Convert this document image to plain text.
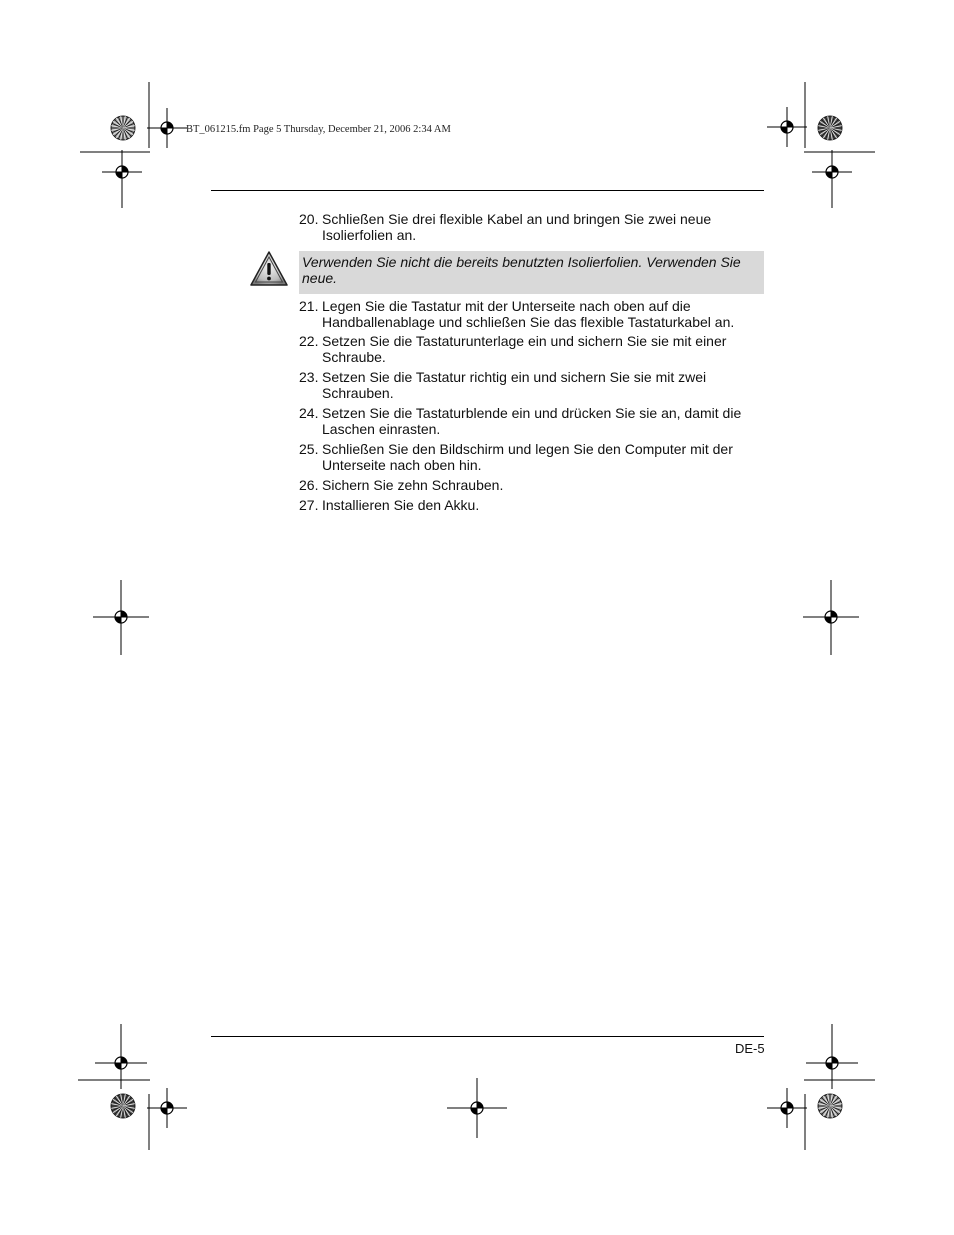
BT_061215.fm Page 5 Thursday, December 21, 2006 2:34 AM
20. Schließen Sie drei flexible Kabel an und bringen Sie zwei neue Isolierfolien an.
Verwenden Sie nicht die bereits benutzten Isolierfolien. Verwenden Sie neue.
21. Legen Sie die Tastatur mit der Unterseite nach oben auf die Handballenablage und schließen Sie das flexible Tastaturkabel an.
22. Setzen Sie die Tastaturunterlage ein und sichern Sie sie mit einer Schraube.
23. Setzen Sie die Tastatur richtig ein und sichern Sie sie mit zwei Schrauben.
24. Setzen Sie die Tastaturblende ein und drücken Sie sie an, damit die Laschen einrasten.
25. Schließen Sie den Bildschirm und legen Sie den Computer mit der Unterseite nach oben hin.
26. Sichern Sie zehn Schrauben.
27. Installieren Sie den Akku.
DE-5
